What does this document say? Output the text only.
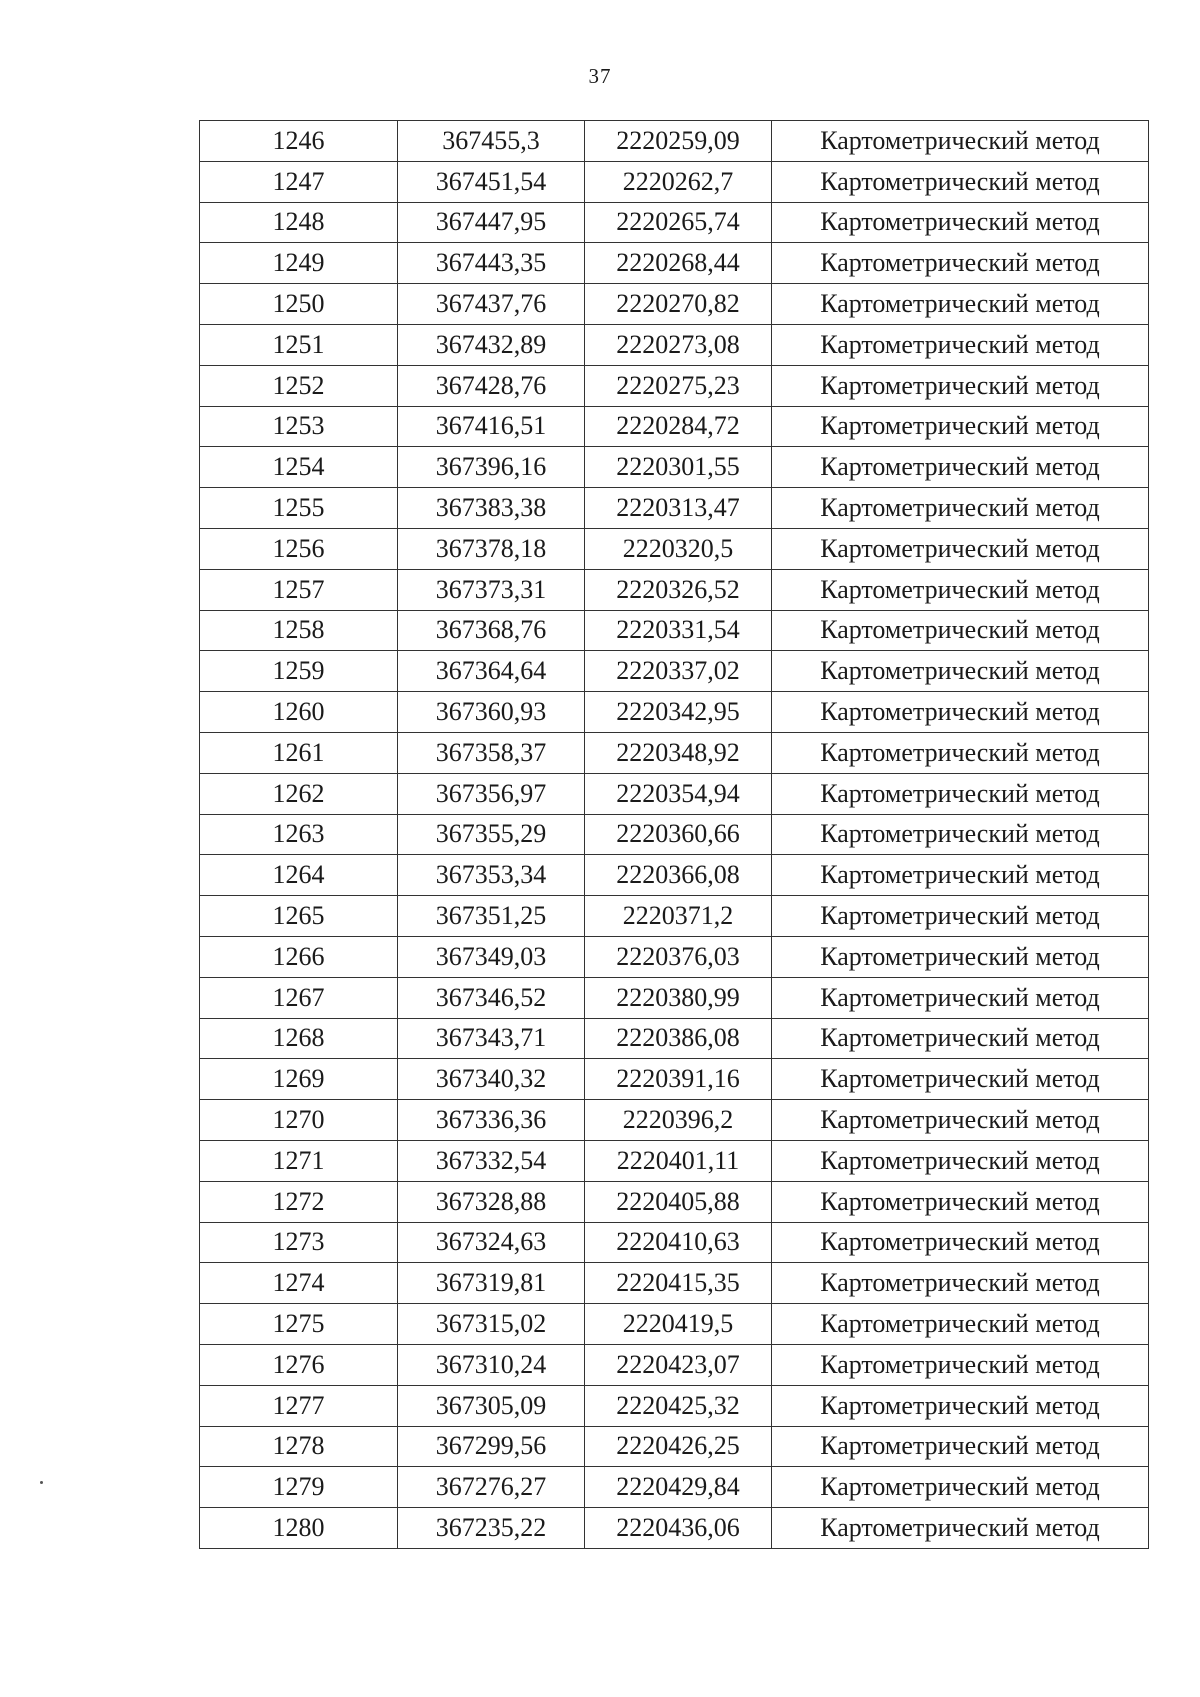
37
1246	367455,3	2220259,09	Картометрический метод
1247	367451,54	2220262,7	Картометрический метод
1248	367447,95	2220265,74	Картометрический метод
1249	367443,35	2220268,44	Картометрический метод
1250	367437,76	2220270,82	Картометрический метод
1251	367432,89	2220273,08	Картометрический метод
1252	367428,76	2220275,23	Картометрический метод
1253	367416,51	2220284,72	Картометрический метод
1254	367396,16	2220301,55	Картометрический метод
1255	367383,38	2220313,47	Картометрический метод
1256	367378,18	2220320,5	Картометрический метод
1257	367373,31	2220326,52	Картометрический метод
1258	367368,76	2220331,54	Картометрический метод
1259	367364,64	2220337,02	Картометрический метод
1260	367360,93	2220342,95	Картометрический метод
1261	367358,37	2220348,92	Картометрический метод
1262	367356,97	2220354,94	Картометрический метод
1263	367355,29	2220360,66	Картометрический метод
1264	367353,34	2220366,08	Картометрический метод
1265	367351,25	2220371,2	Картометрический метод
1266	367349,03	2220376,03	Картометрический метод
1267	367346,52	2220380,99	Картометрический метод
1268	367343,71	2220386,08	Картометрический метод
1269	367340,32	2220391,16	Картометрический метод
1270	367336,36	2220396,2	Картометрический метод
1271	367332,54	2220401,11	Картометрический метод
1272	367328,88	2220405,88	Картометрический метод
1273	367324,63	2220410,63	Картометрический метод
1274	367319,81	2220415,35	Картометрический метод
1275	367315,02	2220419,5	Картометрический метод
1276	367310,24	2220423,07	Картометрический метод
1277	367305,09	2220425,32	Картометрический метод
1278	367299,56	2220426,25	Картометрический метод
1279	367276,27	2220429,84	Картометрический метод
1280	367235,22	2220436,06	Картометрический метод
